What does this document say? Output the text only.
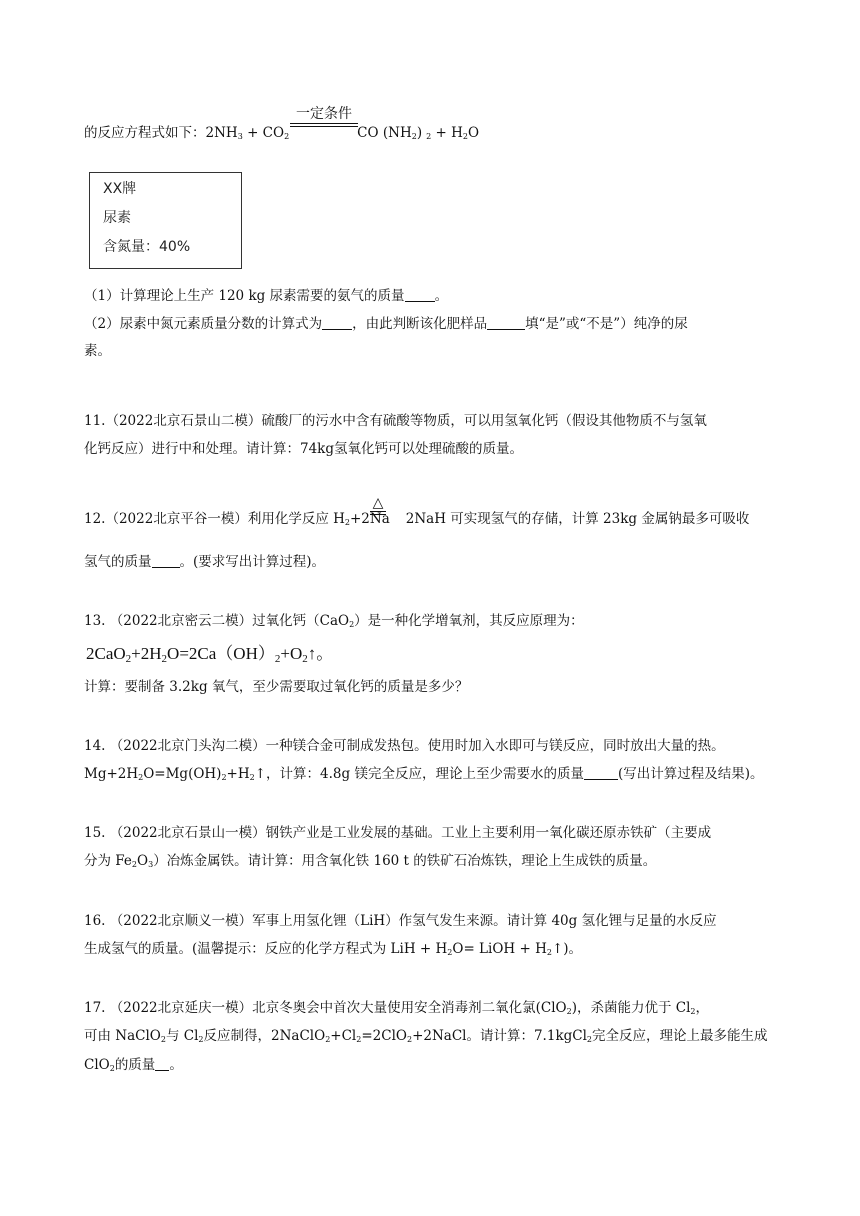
一定条件
的反应方程式如下：$2NH_3 + CO_2$	CO $(NH_2) _2 + H_2O$
XX牌
尿素
含氮量：40%
（1）计算理论上生产 120 kg 尿素需要的氨气的质量 。
（2）尿素中氮元素质量分数的计算式为 ，由此判断该化肥样品	填“是”或“不是”）纯净的尿
素。
11.（2022北京石景山二模）硫酸厂的污水中含有硫酸等物质，可以用氢氧化钙（假设其他物质不与氢氧
化钙反应）进行中和处理。请计算：74kg氢氧化钙可以处理硫酸的质量。
△
12.（2022北京平谷一模）利用化学反应 $H_2+2Na$ 2NaH 可实现氢气的存储，计算 23kg 金属钠最多可吸收
氢气的质量 。(要求写出计算过程)。
13. （2022北京密云二模）过氧化钙（CaO$_2$）是一种化学增氧剂，其反应原理为：
2CaO2+2H2O=2Ca（OH）2+O2↑。
计算：要制备 3.2kg 氧气，至少需要取过氧化钙的质量是多少？
14. （2022北京门头沟二模）一种镁合金可制成发热包。使用时加入水即可与镁反应，同时放出大量的热。
$Mg+2H_2O=Mg(OH)_2+H_2↑$，计算：4.8g 镁完全反应，理论上至少需要水的质量	(写出计算过程及结果)。
15. （2022北京石景山一模）钢铁产业是工业发展的基础。工业上主要利用一氧化碳还原赤铁矿（主要成
分为 $Fe_2O_3$）冶炼金属铁。请计算：用含氧化铁 160 t 的铁矿石冶炼铁，理论上生成铁的质量。
16. （2022北京顺义一模）军事上用氢化锂（LiH）作氢气发生来源。请计算 40g 氢化锂与足量的水反应
生成氢气的质量。(温馨提示：反应的化学方程式为 LiH + $H_2O=$ LiOH + $H_2↑$)。
17. （2022北京延庆一模）北京冬奥会中首次大量使用安全消毒剂二氧化氯(ClO$_2$)，杀菌能力优于 $Cl_2$，
可由 NaClO$_2$与 $Cl_2$反应制得，$2NaClO_2+Cl_2=2ClO_2+2NaCl$。请计算：7.1kgCl$_2$完全反应，理论上最多能生成
ClO$_2$的质量 。
